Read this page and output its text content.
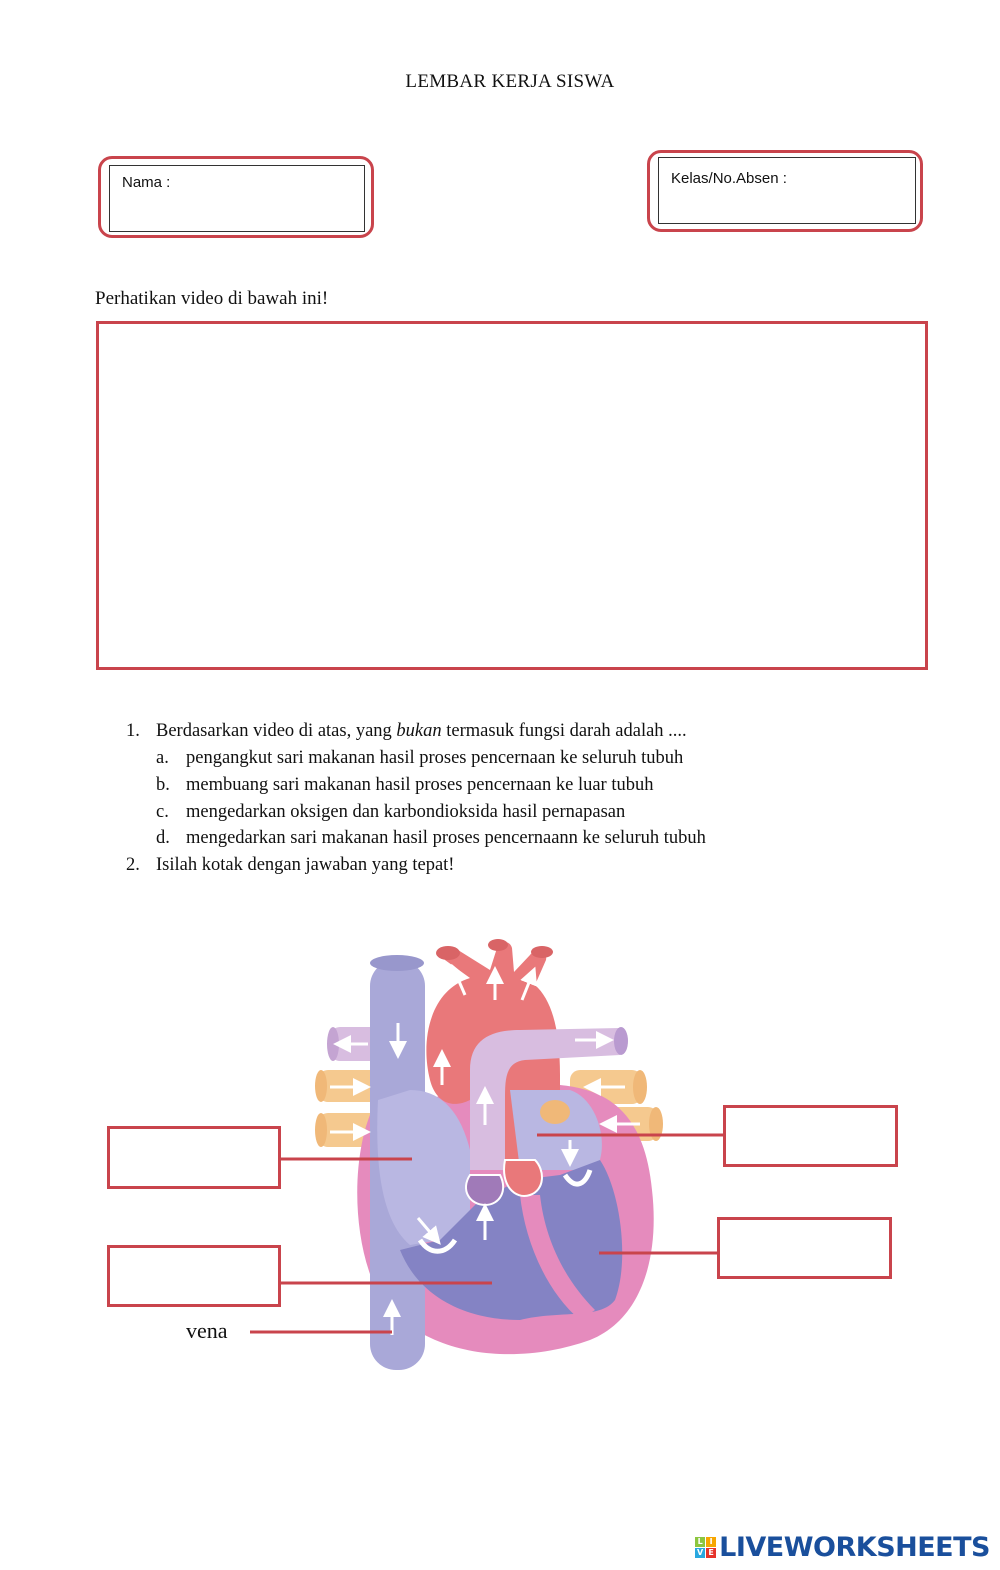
LEMBAR KERJA SISWA
Nama :	Kelas/No.Absen :
Perhatikan video di bawah ini!
1. Berdasarkan video di atas, yang bukan termasuk fungsi darah adalah ....
a. pengangkut sari makanan hasil proses pencernaan ke seluruh tubuh
b. membuang sari makanan hasil proses pencernaan ke luar tubuh
c. mengedarkan oksigen dan karbondioksida hasil pernapasan
d. mengedarkan sari makanan hasil proses pencernaann ke seluruh tubuh
2. Isilah kotak dengan jawaban yang tepat!
vena
L I
V E LIVEWORKSHEETS
